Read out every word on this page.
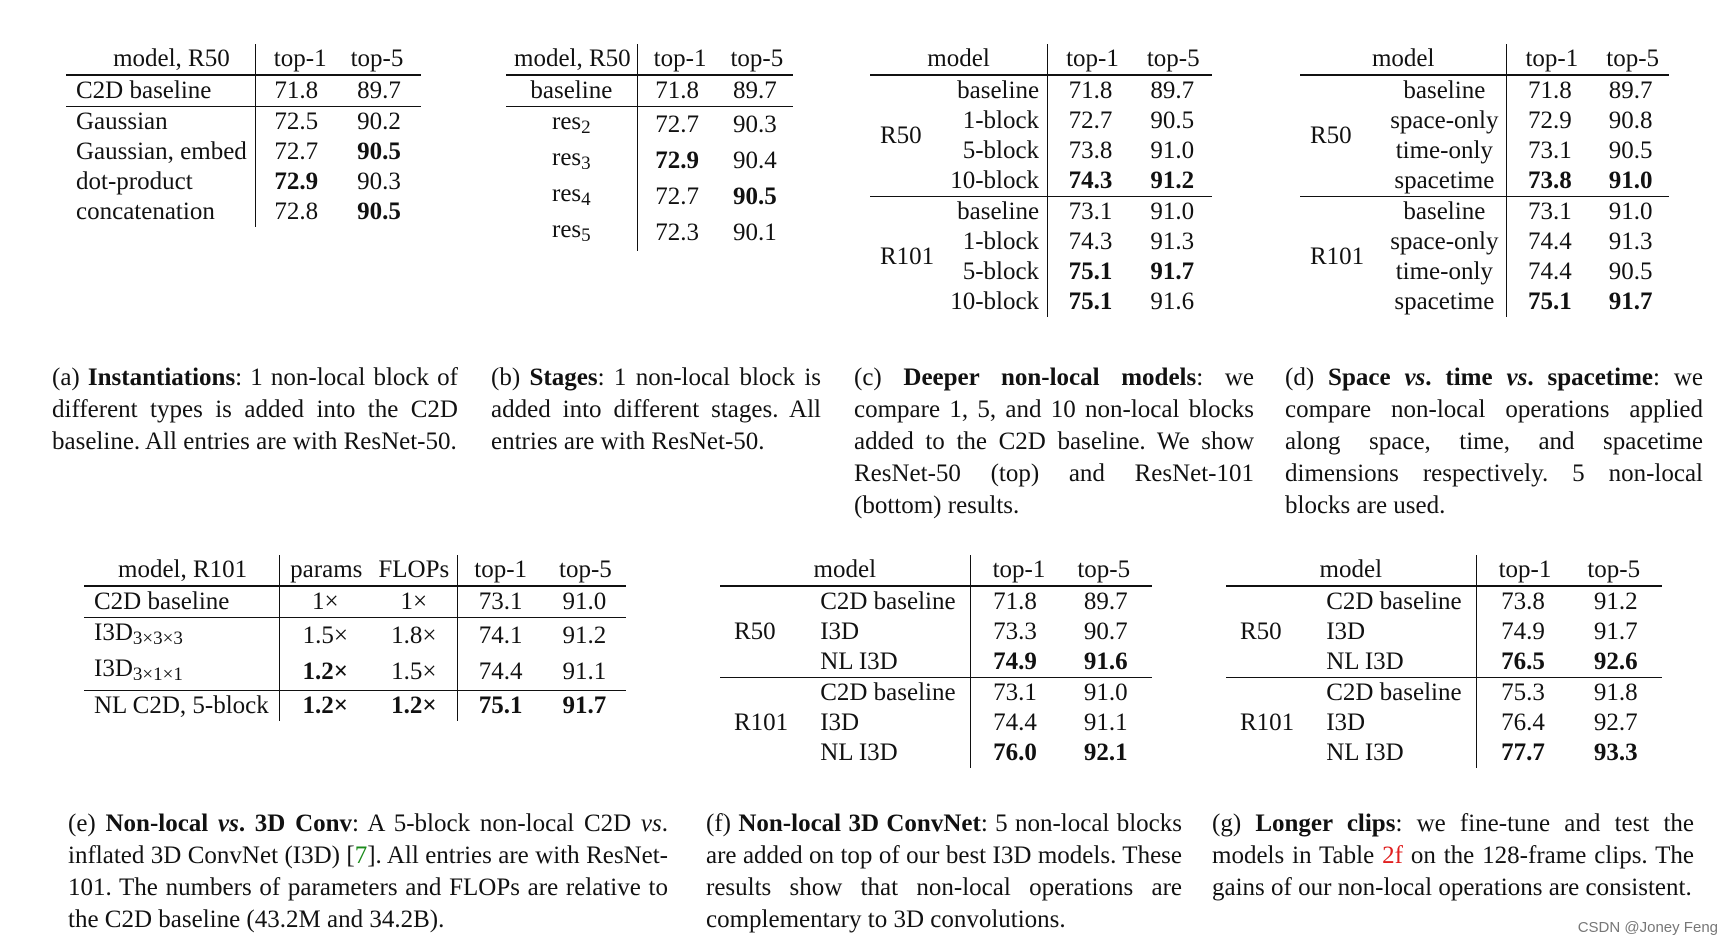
model, R50	top-1	top-5
C2D baseline	71.8	89.7
Gaussian	72.5	90.2
Gaussian, embed	72.7	90.5
dot-product	72.9	90.3
concatenation	72.8	90.5

(a) Instantiations: 1 non-local block of different types is added into the C2D baseline. All entries are with ResNet-50.

model, R50	top-1	top-5
baseline	71.8	89.7
res$_2$	72.7	90.3
res$_3$	72.9	90.4
res$_4$	72.7	90.5
res$_5$	72.3	90.1

(b) Stages: 1 non-local block is added into different stages. All entries are with ResNet-50.

model		top-1	top-5
R50	baseline	71.8	89.7
	1-block	72.7	90.5
	5-block	73.8	91.0
	10-block	74.3	91.2
R101	baseline	73.1	91.0
	1-block	74.3	91.3
	5-block	75.1	91.7
	10-block	75.1	91.6

(c) Deeper non-local models: we compare 1, 5, and 10 non-local blocks added to the C2D baseline. We show ResNet-50 (top) and ResNet-101 (bottom) results.

model		top-1	top-5
R50	baseline	71.8	89.7
	space-only	72.9	90.8
	time-only	73.1	90.5
	spacetime	73.8	91.0
R101	baseline	73.1	91.0
	space-only	74.4	91.3
	time-only	74.4	90.5
	spacetime	75.1	91.7

(d) Space vs. time vs. spacetime: we compare non-local operations applied along space, time, and spacetime dimensions respectively. 5 non-local blocks are used.

model, R101	params	FLOPs	top-1	top-5
C2D baseline	1×	1×	73.1	91.0
$I3D_{3\times 3\times 3}$	1.5×	1.8×	74.1	91.2
$I3D_{3\times 1\times 1}$	1.2×	1.5×	74.4	91.1
NL C2D, 5-block	1.2×	1.2×	75.1	91.7

(e) Non-local vs. 3D Conv: A 5-block non-local C2D vs. inflated 3D ConvNet (I3D) [7]. All entries are with ResNet-101. The numbers of parameters and FLOPs are relative to the C2D baseline (43.2M and 34.2B).

model		top-1	top-5
R50	C2D baseline	71.8	89.7
	I3D	73.3	90.7
	NL I3D	74.9	91.6
R101	C2D baseline	73.1	91.0
	I3D	74.4	91.1
	NL I3D	76.0	92.1

(f) Non-local 3D ConvNet: 5 non-local blocks are added on top of our best I3D models. These results show that non-local operations are complementary to 3D convolutions.

model		top-1	top-5
R50	C2D baseline	73.8	91.2
	I3D	74.9	91.7
	NL I3D	76.5	92.6
R101	C2D baseline	75.3	91.8
	I3D	76.4	92.7
	NL I3D	77.7	93.3

(g) Longer clips: we fine-tune and test the models in Table 2f on the 128-frame clips. The gains of our non-local operations are consistent.

CSDN @Joney Feng
